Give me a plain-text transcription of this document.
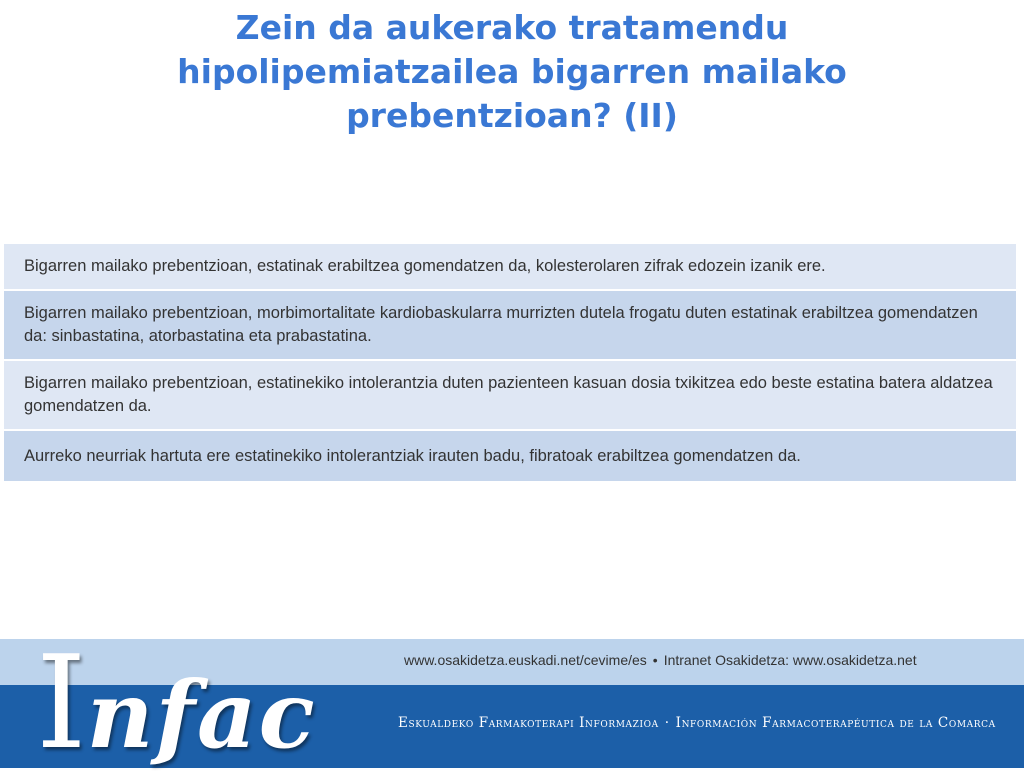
Zein da aukerako tratamendu hipolipemiatzailea bigarren mailako prebentzioan? (II)
Bigarren mailako prebentzioan, estatinak erabiltzea gomendatzen da, kolesterolaren zifrak edozein izanik ere.
Bigarren mailako prebentzioan, morbimortalitate kardiobaskularra murrizten dutela frogatu duten estatinak erabiltzea gomendatzen da: sinbastatina, atorbastatina eta prabastatina.
Bigarren mailako prebentzioan, estatinekiko intolerantzia duten pazienteen kasuan dosia txikitzea edo beste estatina batera aldatzea gomendatzen da.
Aurreko neurriak hartuta ere estatinekiko intolerantziak irauten badu, fibratoak erabiltzea gomendatzen da.
Infac
www.osakidetza.euskadi.net/cevime/es • Intranet Osakidetza: www.osakidetza.net
Eskualdeko Farmakoterapi Informazioa · Información Farmacoterapéutica de la Comarca
